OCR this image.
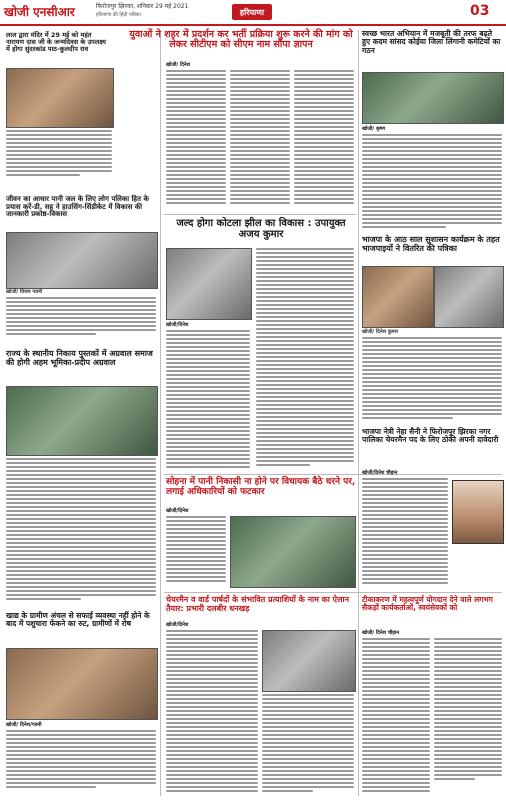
खोजी एनसीआर	फिरोजपुर झिरका, शनिवार 29 मई 2021
हरियाणा की हिंदी पत्रिका	हरियाणा	03
लाल द्वारा मंदिर में 29 मई को महंत नारायण दास जी के जन्मदिवस के उपलक्ष्य में होगा सुंदरकांड पाठ-कुलदीप राव
जीवन का आधार पानी जल के लिए लोग पलिका हित के प्रयास करें-डी. सह ने हाउसिंग-सिंडीकेट में विकास की जानकारी प्रकोष्ठ-विकास
खोजी/ विजय पवनी
राज्य के स्थानीय निकाय पुस्तकों में अग्रवाल समाज की होगी अहम भूमिका-प्रदीप अग्रवाल
खाद्य के ग्रामीण अंचल से सफाई व्यवस्था नहीं होने के बाद में पशुचारा फेंकने का रुट, ग्रामीणों में रोष
खोजी/ दिनेश/पवनी
युवाओं ने शहर में प्रदर्शन कर भर्ती प्रक्रिया शुरू करने की मांग को लेकर सीटीएम को सीएम नाम सौंपा ज्ञापन
खोजी/ दिनेश
स्वच्छ भारत अभियान में मजबूती की तरफ बढ़ते हुए कदम सांसद कोईया जिला लिंगानी कमेटियों का गठन
खोजी/ कृष्ण
जल्द होगा कोटला झील का विकास : उपायुक्त अजय कुमार
खोजी/दिनेश
भाजपा के आठ साल सुशासन कार्यक्रम के तहत भाजपाइयों ने वितरित की पत्रिका
खोजी/ दिनेश कुमार
सोहना में पानी निकासी ना होने पर विधायक बैठे धरने पर, लगाई अधिकारियों को फटकार
खोजी/दिनेश
भाजपा नेत्री नेहा सैनी ने फिरोजपुर झिरका नगर पालिका चेयरमैन पद के लिए ठोकी अपनी दावेदारी
खोजी/दिनेश चौहान
चेयरमैन व वार्ड पार्षदों के संभावित प्रत्याशियों के नाम का ऐलान तैयार: प्रभारी दलबीर धनखड़
खोजी/दिनेश
टीकाकरण में महत्वपूर्ण योगदान देने वाले लगभग सैकड़ों कार्यकर्ताओं, स्वयंसेवकों को
खोजी/ दिनेश चौहान
